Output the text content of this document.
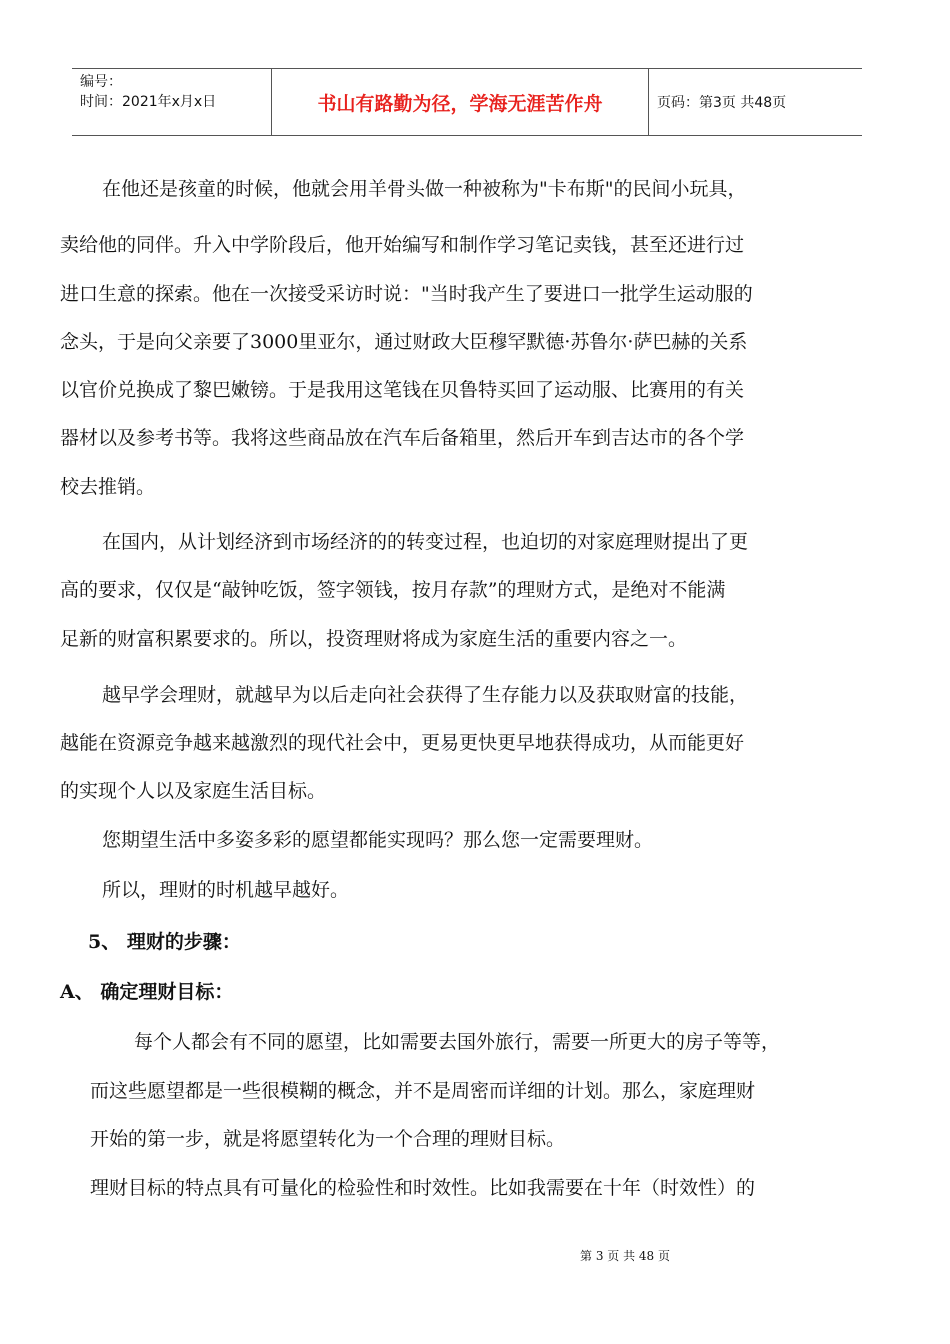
编号：
时间：2021年x月x日	书山有路勤为径，学海无涯苦作舟	页码：第3页 共48页
在他还是孩童的时候，他就会用羊骨头做一种被称为"卡布斯"的民间小玩具，
卖给他的同伴。升入中学阶段后，他开始编写和制作学习笔记卖钱，甚至还进行过
进口生意的探索。他在一次接受采访时说："当时我产生了要进口一批学生运动服的
念头，于是向父亲要了3000里亚尔，通过财政大臣穆罕默德·苏鲁尔·萨巴赫的关系
以官价兑换成了黎巴嫩镑。于是我用这笔钱在贝鲁特买回了运动服、比赛用的有关
器材以及参考书等。我将这些商品放在汽车后备箱里，然后开车到吉达市的各个学
校去推销。
在国内，从计划经济到市场经济的的转变过程，也迫切的对家庭理财提出了更
高的要求，仅仅是“敲钟吃饭，签字领钱，按月存款”的理财方式，是绝对不能满
足新的财富积累要求的。所以，投资理财将成为家庭生活的重要内容之一。
越早学会理财，就越早为以后走向社会获得了生存能力以及获取财富的技能，
越能在资源竞争越来越激烈的现代社会中，更易更快更早地获得成功，从而能更好
的实现个人以及家庭生活目标。
您期望生活中多姿多彩的愿望都能实现吗？那么您一定需要理财。
所以，理财的时机越早越好。
5、 理财的步骤：
A、 确定理财目标：
每个人都会有不同的愿望，比如需要去国外旅行，需要一所更大的房子等等，
而这些愿望都是一些很模糊的概念，并不是周密而详细的计划。那么，家庭理财
开始的第一步，就是将愿望转化为一个合理的理财目标。
理财目标的特点具有可量化的检验性和时效性。比如我需要在十年（时效性）的
第 3 页 共 48 页
